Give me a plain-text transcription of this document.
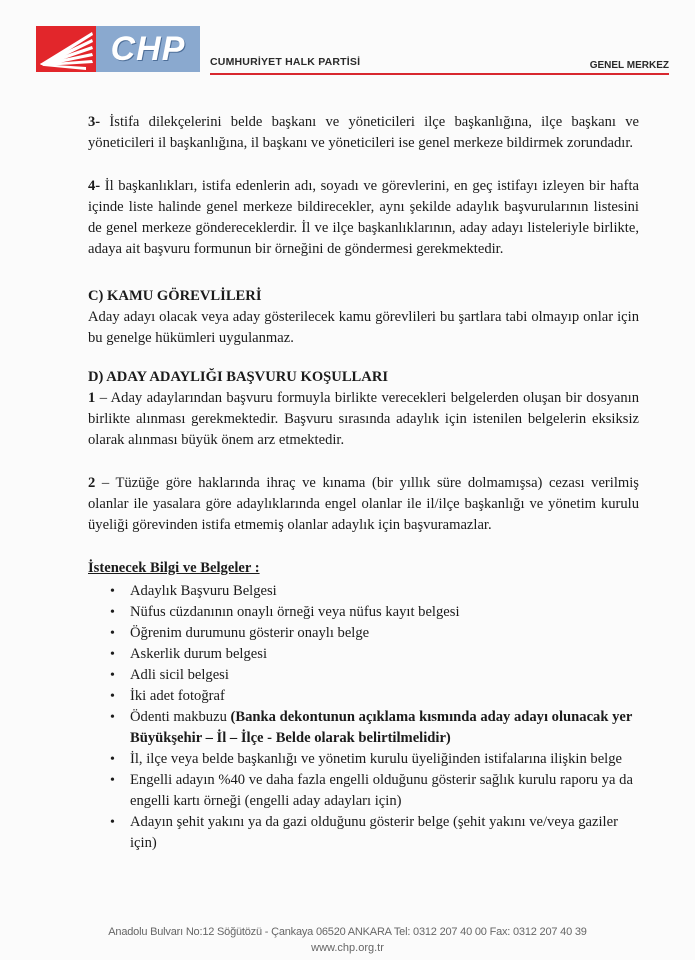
CHP CUMHURİYET HALK PARTİSİ	GENEL MERKEZ

3- İstifa dilekçelerini belde başkanı ve yöneticileri ilçe başkanlığına, ilçe başkanı ve yöneticileri il başkanlığına, il başkanı ve yöneticileri ise genel merkeze bildirmek zorundadır.

4- İl başkanlıkları, istifa edenlerin adı, soyadı ve görevlerini, en geç istifayı izleyen bir hafta içinde liste halinde genel merkeze bildirecekler, aynı şekilde adaylık başvurularının listesini de genel merkeze göndereceklerdir. İl ve ilçe başkanlıklarının, aday adayı listeleriyle birlikte, adaya ait başvuru formunun bir örneğini de göndermesi gerekmektedir.

C) KAMU GÖREVLİLERİ

Aday adayı olacak veya aday gösterilecek kamu görevlileri bu şartlara tabi olmayıp onlar için bu genelge hükümleri uygulanmaz.

D) ADAY ADAYLIĞI BAŞVURU KOŞULLARI

1 – Aday adaylarından başvuru formuyla birlikte verecekleri belgelerden oluşan bir dosyanın birlikte alınması gerekmektedir. Başvuru sırasında adaylık için istenilen belgelerin eksiksiz olarak alınması büyük önem arz etmektedir.

2 – Tüzüğe göre haklarında ihraç ve kınama (bir yıllık süre dolmamışsa) cezası verilmiş olanlar ile yasalara göre adaylıklarında engel olanlar ile il/ilçe başkanlığı ve yönetim kurulu üyeliği görevinden istifa etmemiş olanlar adaylık için başvuramazlar.

İstenecek Bilgi ve Belgeler :

• Adaylık Başvuru Belgesi
• Nüfus cüzdanının onaylı örneği veya nüfus kayıt belgesi
• Öğrenim durumunu gösterir onaylı belge
• Askerlik durum belgesi
• Adli sicil belgesi
• İki adet fotoğraf
• Ödenti makbuzu (Banka dekontunun açıklama kısmında aday adayı olunacak yer Büyükşehir – İl – İlçe - Belde olarak belirtilmelidir)
• İl, ilçe veya belde başkanlığı ve yönetim kurulu üyeliğinden istifalarına ilişkin belge
• Engelli adayın %40 ve daha fazla engelli olduğunu gösterir sağlık kurulu raporu ya da engelli kartı örneği (engelli aday adayları için)
• Adayın şehit yakını ya da gazi olduğunu gösterir belge (şehit yakını ve/veya gaziler için)
Anadolu Bulvarı No:12 Söğütözü - Çankaya 06520 ANKARA Tel: 0312 207 40 00 Fax: 0312 207 40 39
www.chp.org.tr
